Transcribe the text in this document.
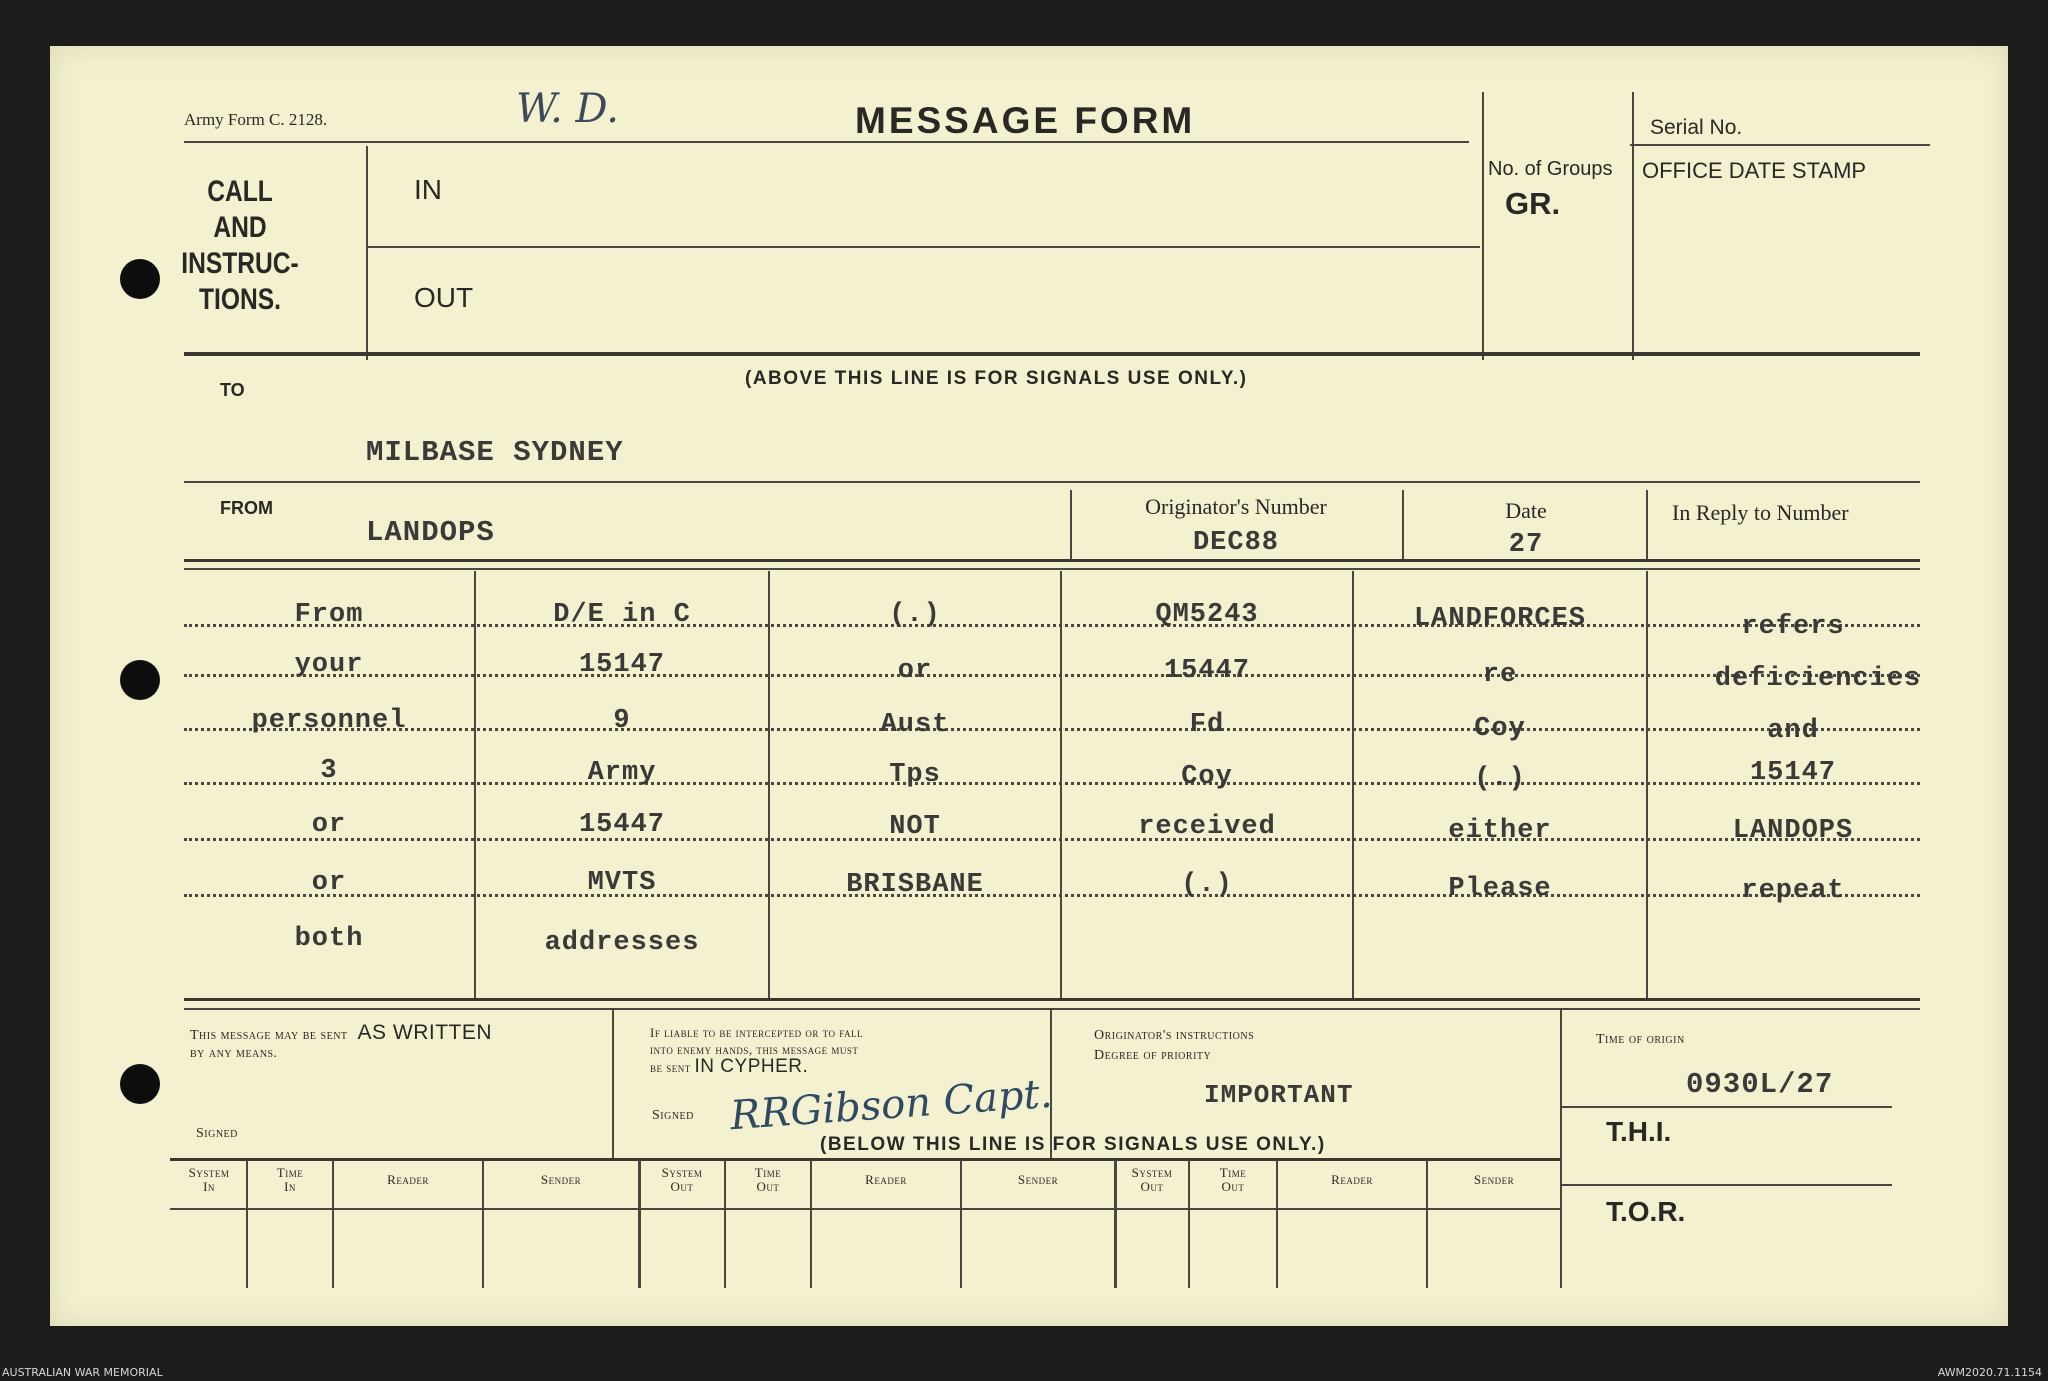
Army Form C. 2128.	W. D.	MESSAGE FORM	Serial No.
No. of Groups
GR.
OFFICE DATE STAMP
CALL
AND
INSTRUC-
TIONS.
IN
OUT
(ABOVE THIS LINE IS FOR SIGNALS USE ONLY.)
TO
MILBASE SYDNEY
FROM
LANDOPS
Originator's Number
DEC88
Date
27
In Reply to Number
From	D/E in C	(.)	QM5243	LANDFORCES	refers
your	15147	or	15447	re	deficiencies
personnel	9	Aust	Fd	Coy	and
3	Army	Tps	Coy	(.)	15147
or	15447	NOT	received	either	LANDOPS
or	MVTS	BRISBANE	(.)	Please	repeat
both	addresses
This message may be sent AS WRITTEN
by any means.
Signed
If liable to be intercepted or to fall
into enemy hands, this message must
be sent IN CYPHER.
Signed RRGibson Capt.
Originator's instructions
Degree of priority
IMPORTANT
Time of origin
0930L/27
T.H.I.
T.O.R.
(BELOW THIS LINE IS FOR SIGNALS USE ONLY.)
System
In
Time
In	Reader	Sender	System
Out
Time
Out	Reader	Sender	System
Out
Time
Out	Reader	Sender
AUSTRALIAN WAR MEMORIAL	AWM2020.71.1154
